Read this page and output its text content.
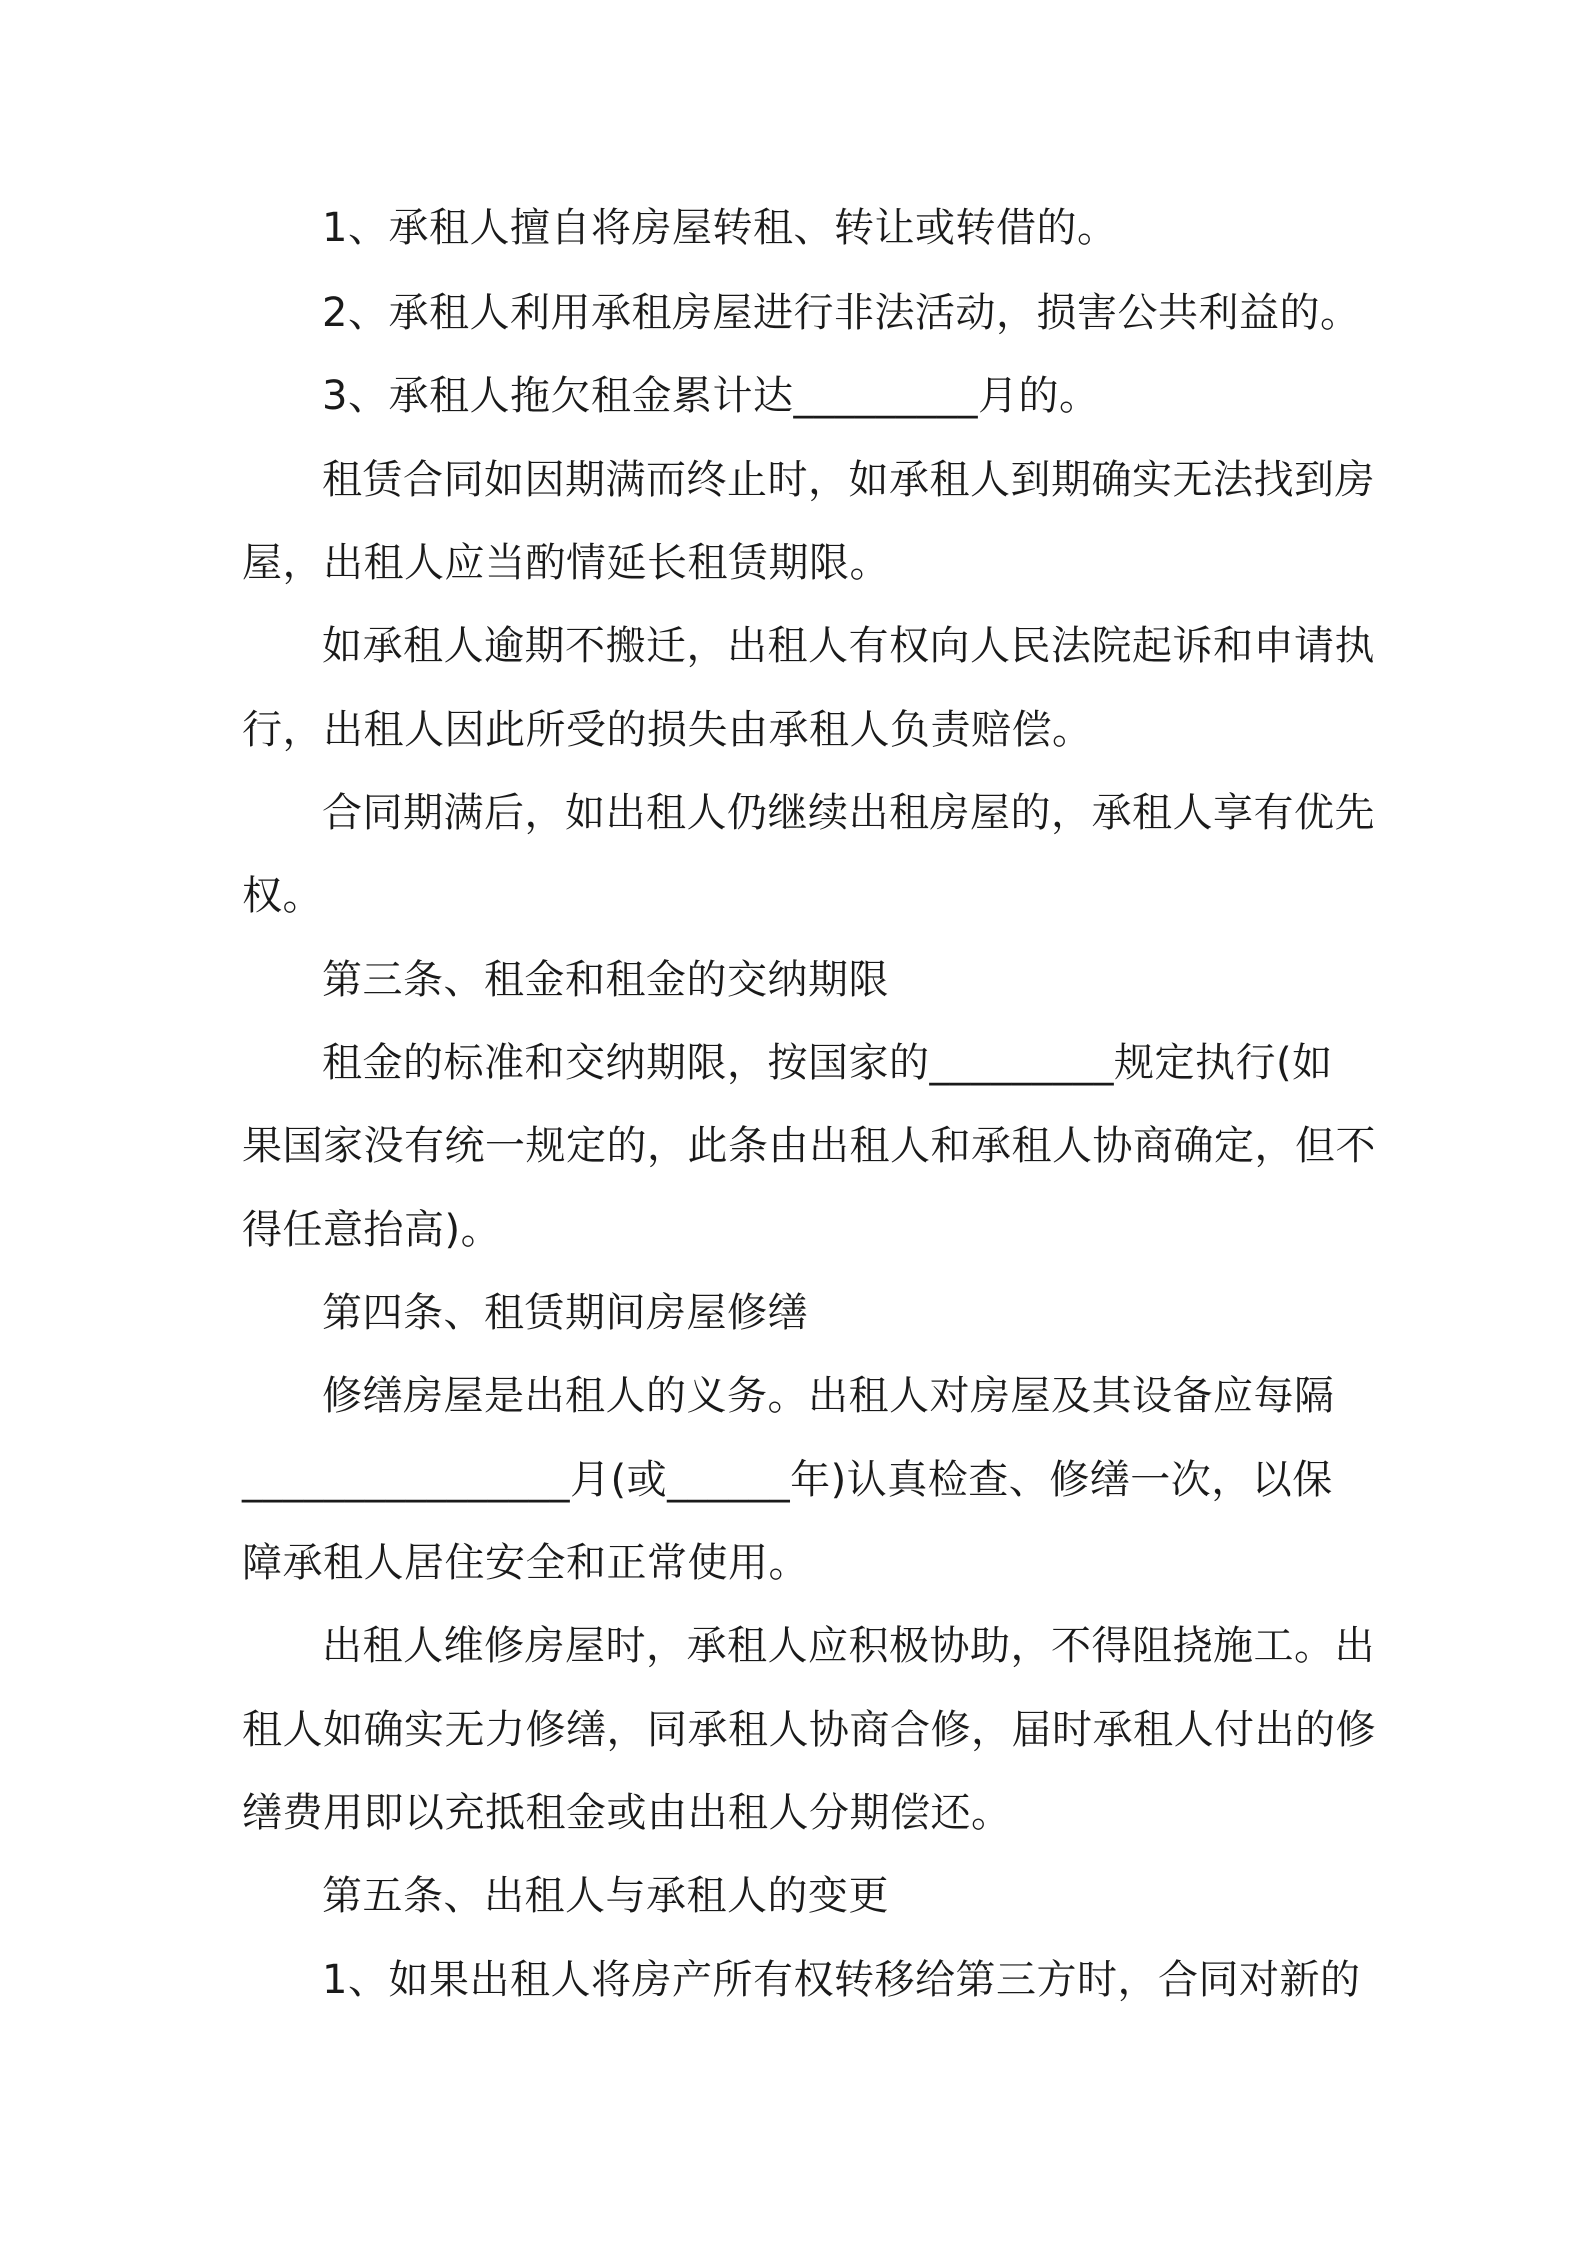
1、承租人擅自将房屋转租、转让或转借的。
2、承租人利用承租房屋进行非法活动，损害公共利益的。
3、承租人拖欠租金累计达_________月的。
租赁合同如因期满而终止时，如承租人到期确实无法找到房
屋，出租人应当酌情延长租赁期限。
如承租人逾期不搬迁，出租人有权向人民法院起诉和申请执
行，出租人因此所受的损失由承租人负责赔偿。
合同期满后，如出租人仍继续出租房屋的，承租人享有优先
权。
第三条、租金和租金的交纳期限
租金的标准和交纳期限，按国家的_________规定执行(如
果国家没有统一规定的，此条由出租人和承租人协商确定，但不
得任意抬高)。
第四条、租赁期间房屋修缮
修缮房屋是出租人的义务。出租人对房屋及其设备应每隔
________________月(或______年)认真检查、修缮一次，以保
障承租人居住安全和正常使用。
出租人维修房屋时，承租人应积极协助，不得阻挠施工。出
租人如确实无力修缮，同承租人协商合修，届时承租人付出的修
缮费用即以充抵租金或由出租人分期偿还。
第五条、出租人与承租人的变更
1、如果出租人将房产所有权转移给第三方时，合同对新的
